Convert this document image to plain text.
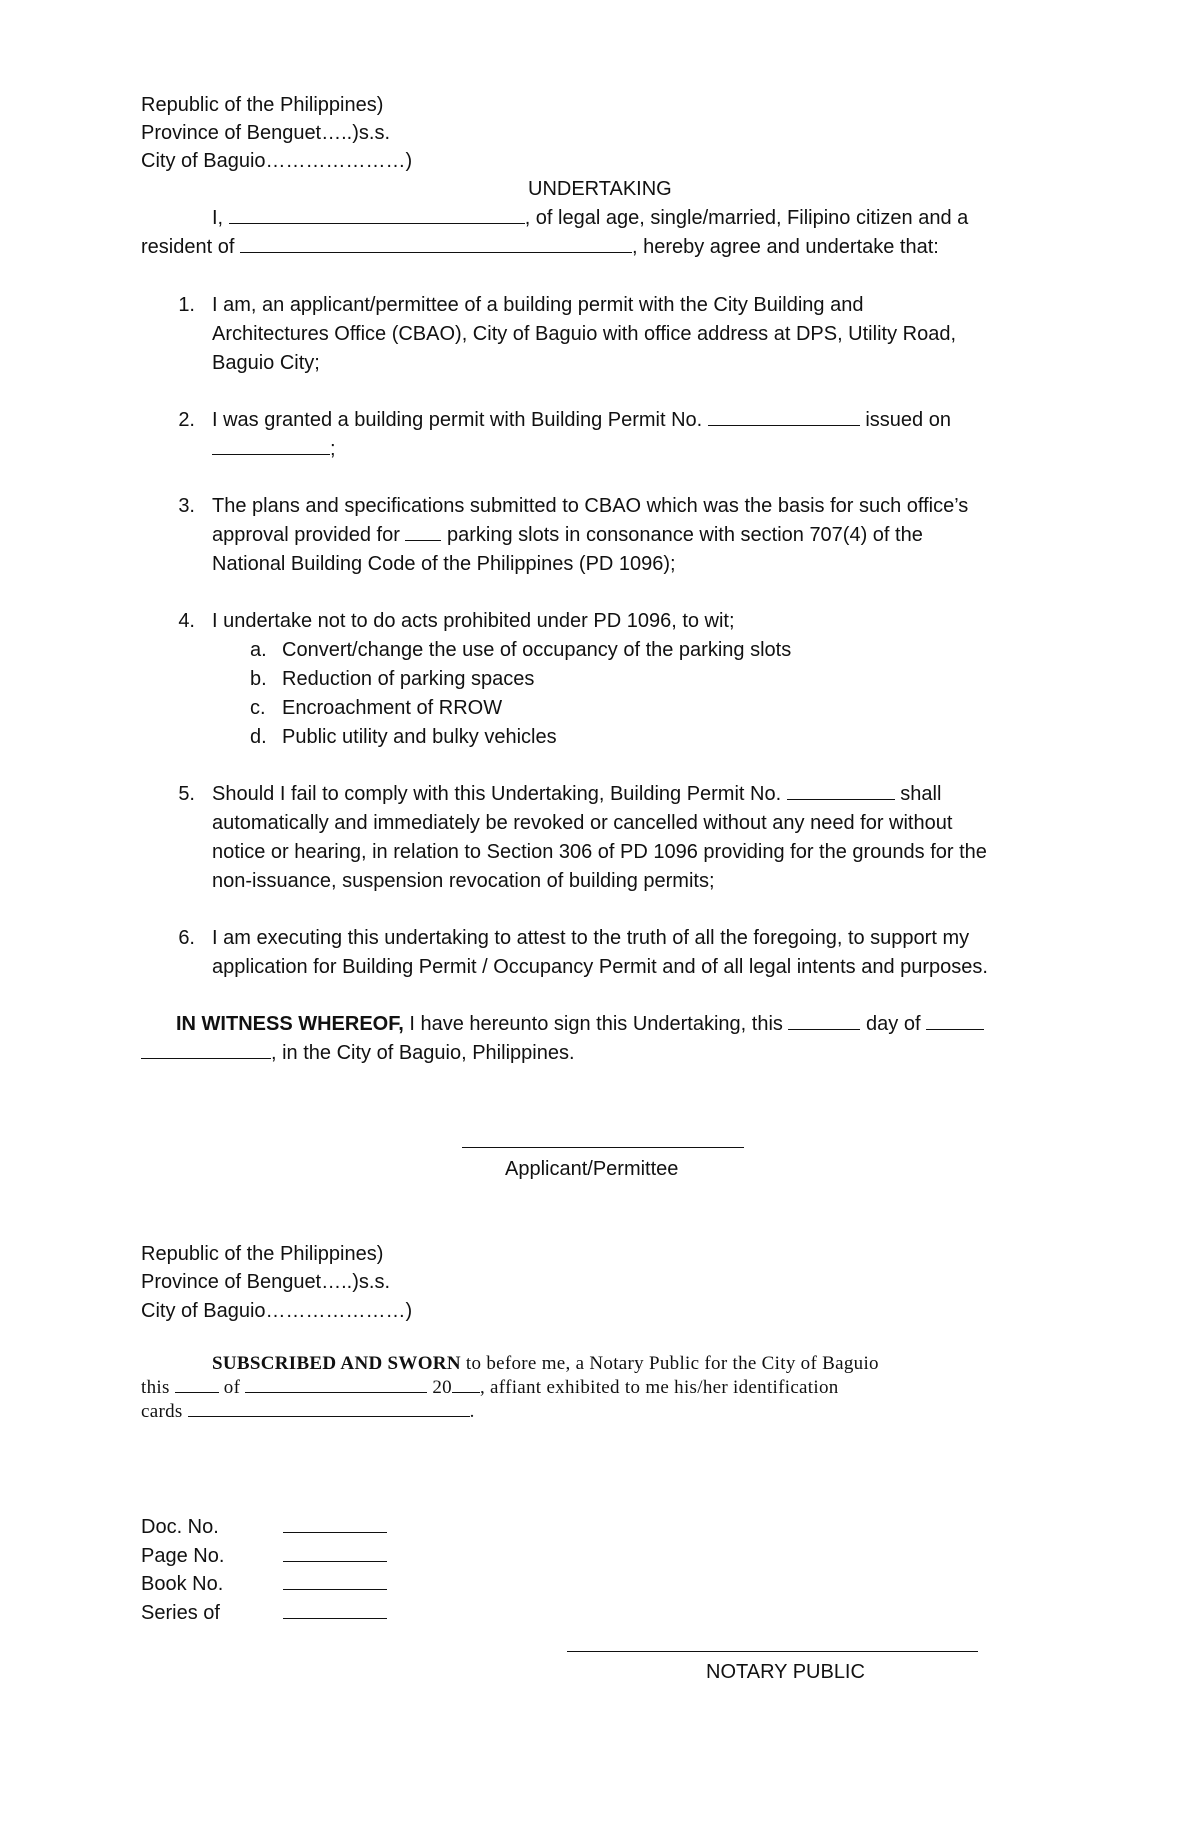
Republic of the Philippines)
Province of Benguet…..)s.s.
City of Baguio…………………)
UNDERTAKING
I,	, of legal age, single/married, Filipino citizen and a
resident of	, hereby agree and undertake that:
1. I am, an applicant/permittee of a building permit with the City Building and
Architectures Office (CBAO), City of Baguio with office address at DPS, Utility Road,
Baguio City;
2. I was granted a building permit with Building Permit No.	issued on
;
3. The plans and specifications submitted to CBAO which was the basis for such office’s
approval provided for parking slots in consonance with section 707(4) of the
National Building Code of the Philippines (PD 1096);
4. I undertake not to do acts prohibited under PD 1096, to wit;
a. Convert/change the use of occupancy of the parking slots
b. Reduction of parking spaces
c. Encroachment of RROW
d. Public utility and bulky vehicles
5. Should I fail to comply with this Undertaking, Building Permit No.	shall
automatically and immediately be revoked or cancelled without any need for without
notice or hearing, in relation to Section 306 of PD 1096 providing for the grounds for the
non-issuance, suspension revocation of building permits;
6. I am executing this undertaking to attest to the truth of all the foregoing, to support my
application for Building Permit / Occupancy Permit and of all legal intents and purposes.
IN WITNESS WHEREOF, I have hereunto sign this Undertaking, this	day of
, in the City of Baguio, Philippines.
Applicant/Permittee
Republic of the Philippines)
Province of Benguet…..)s.s.
City of Baguio…………………)
SUBSCRIBED AND SWORN to before me, a Notary Public for the City of Baguio
this	of	20 , affiant exhibited to me his/her identification
cards	.
Doc. No.
Page No.
Book No.
Series of
NOTARY PUBLIC
